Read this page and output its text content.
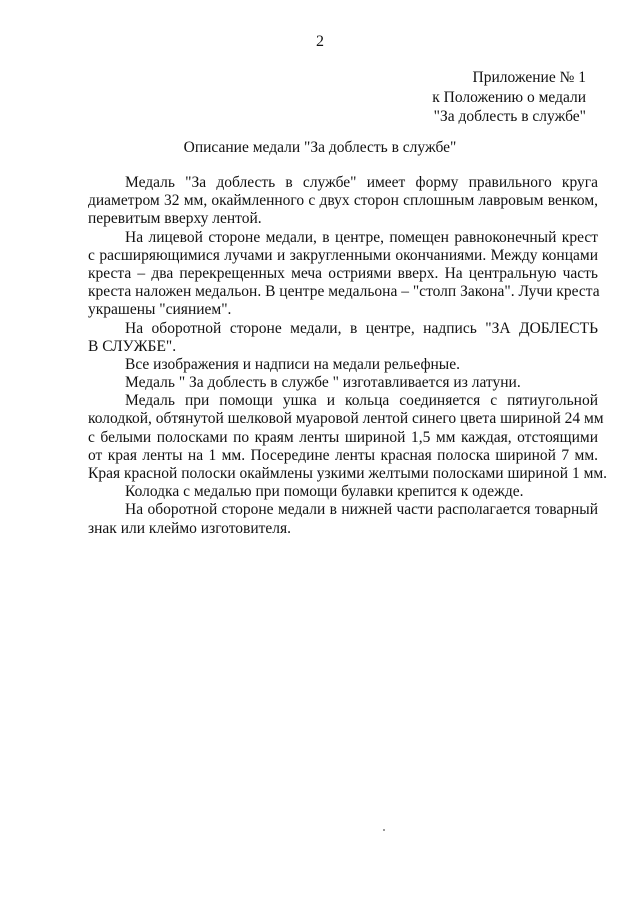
2
Приложение № 1
к Положению о медали
"За доблесть в службе"
Описание медали "За доблесть в службе"
Медаль "За доблесть в службе" имеет форму правильного круга
диаметром 32 мм, окаймленного с двух сторон сплошным лавровым венком,
перевитым вверху лентой.
На лицевой стороне медали, в центре, помещен равноконечный крест
с расширяющимися лучами и закругленными окончаниями. Между концами
креста – два перекрещенных меча остриями вверх. На центральную часть
креста наложен медальон. В центре медальона – "столп Закона". Лучи креста
украшены "сиянием".
На оборотной стороне медали, в центре, надпись "ЗА ДОБЛЕСТЬ
В СЛУЖБЕ".
Все изображения и надписи на медали рельефные.
Медаль " За доблесть в службе " изготавливается из латуни.
Медаль при помощи ушка и кольца соединяется с пятиугольной
колодкой, обтянутой шелковой муаровой лентой синего цвета шириной 24 мм
с белыми полосками по краям ленты шириной 1,5 мм каждая, отстоящими
от края ленты на 1 мм. Посередине ленты красная полоска шириной 7 мм.
Края красной полоски окаймлены узкими желтыми полосками шириной 1 мм.
Колодка с медалью при помощи булавки крепится к одежде.
На оборотной стороне медали в нижней части располагается товарный
знак или клеймо изготовителя.
